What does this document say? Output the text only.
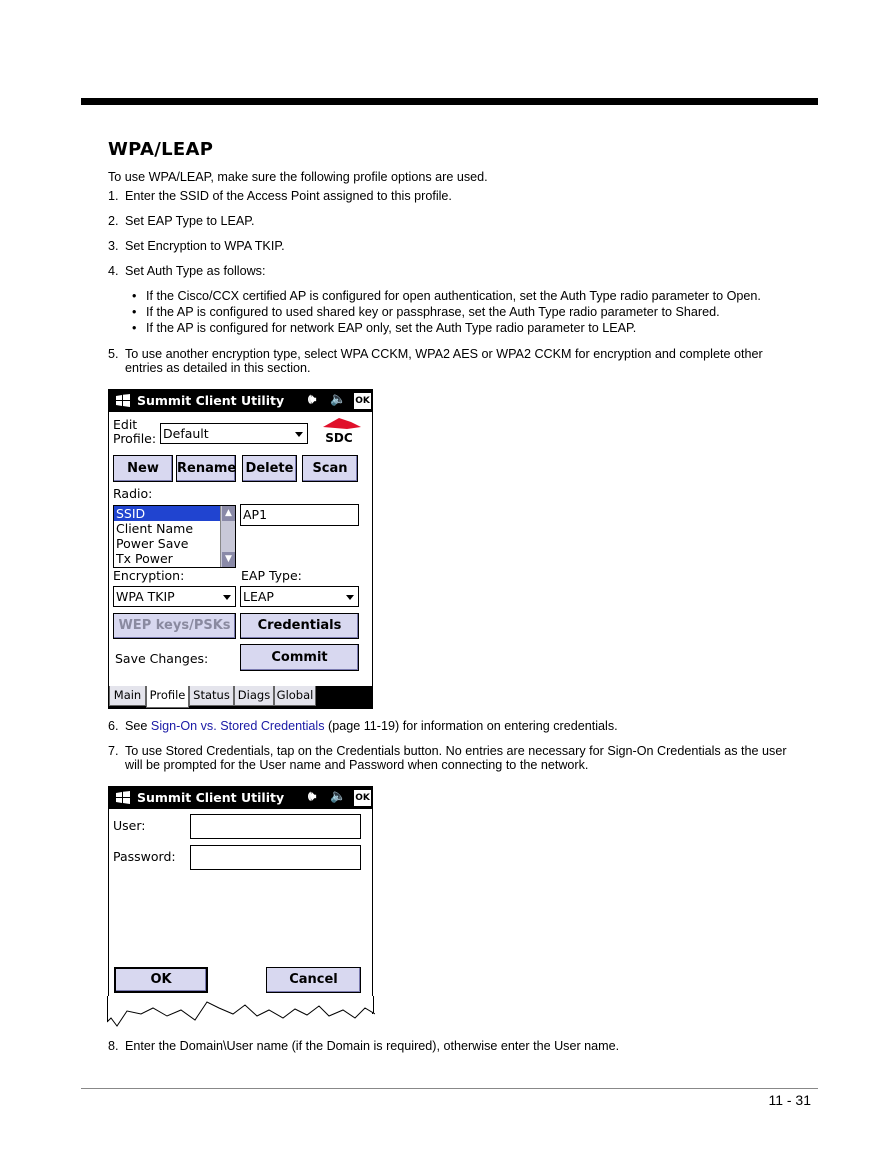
WPA/LEAP
To use WPA/LEAP, make sure the following profile options are used.
1. Enter the SSID of the Access Point assigned to this profile.
2. Set EAP Type to LEAP.
3. Set Encryption to WPA TKIP.
4. Set Auth Type as follows:
• If the Cisco/CCX certified AP is configured for open authentication, set the Auth Type radio parameter to Open.
• If the AP is configured to used shared key or passphrase, set the Auth Type radio parameter to Shared.
• If the AP is configured for network EAP only, set the Auth Type radio parameter to LEAP.
5. To use another encryption type, select WPA CCKM, WPA2 AES or WPA2 CCKM for encryption and complete other
entries as detailed in this section.
Summit Client Utility 🕪 🔈 OK
Edit
Profile: Default	SDC
New	Rename Delete	Scan
Radio:
SSID
Client Name
Power Save
Tx Power
▲
▼
AP1
Encryption:	EAP Type:
WPA TKIP	LEAP
WEP keys/PSKs	Credentials
Save Changes:	Commit
Main Profile Status Diags Global
6. See Sign-On vs. Stored Credentials (page 11-19) for information on entering credentials.
7. To use Stored Credentials, tap on the Credentials button. No entries are necessary for Sign-On Credentials as the user
will be prompted for the User name and Password when connecting to the network.
Summit Client Utility 🕪 🔈 OK
User:
Password:
OK	Cancel
8. Enter the Domain\User name (if the Domain is required), otherwise enter the User name.
11 - 31
